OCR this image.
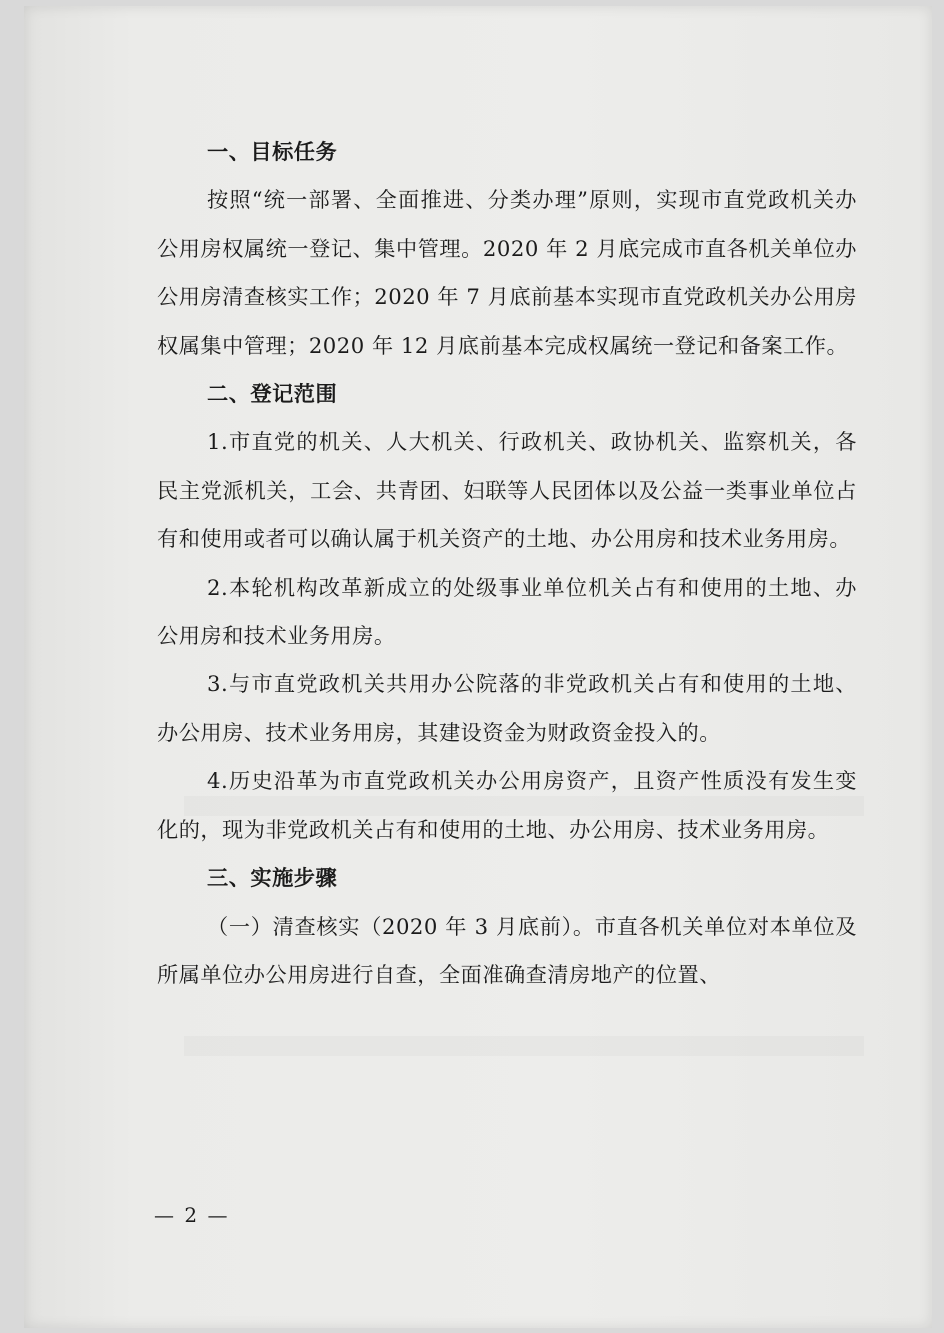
一、目标任务
按照“统一部署、全面推进、分类办理”原则，实现市直党政机关办公用房权属统一登记、集中管理。2020 年 2 月底完成市直各机关单位办公用房清查核实工作；2020 年 7 月底前基本实现市直党政机关办公用房权属集中管理；2020 年 12 月底前基本完成权属统一登记和备案工作。
二、登记范围
1.市直党的机关、人大机关、行政机关、政协机关、监察机关，各民主党派机关，工会、共青团、妇联等人民团体以及公益一类事业单位占有和使用或者可以确认属于机关资产的土地、办公用房和技术业务用房。
2.本轮机构改革新成立的处级事业单位机关占有和使用的土地、办公用房和技术业务用房。
3.与市直党政机关共用办公院落的非党政机关占有和使用的土地、办公用房、技术业务用房，其建设资金为财政资金投入的。
4.历史沿革为市直党政机关办公用房资产，且资产性质没有发生变化的，现为非党政机关占有和使用的土地、办公用房、技术业务用房。
三、实施步骤
（一）清查核实（2020 年 3 月底前）。市直各机关单位对本单位及所属单位办公用房进行自查，全面准确查清房地产的位置、
— 2 —
